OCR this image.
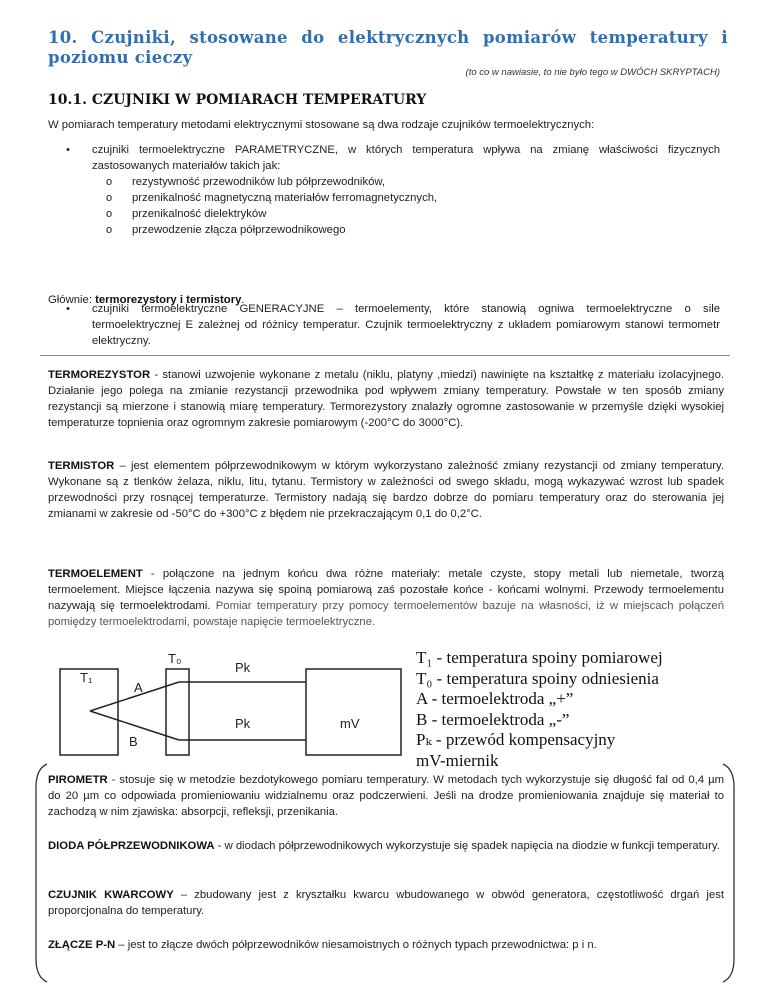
10. Czujniki, stosowane do elektrycznych pomiarów temperatury i poziomu cieczy
(to co w nawiasie, to nie było tego w DWÓCH SKRYPTACH)
10.1. CZUJNIKI W POMIARACH TEMPERATURY
W pomiarach temperatury metodami elektrycznymi stosowane są dwa rodzaje czujników termoelektrycznych:
• czujniki termoelektryczne PARAMETRYCZNE, w których temperatura wpływa na zmianę właściwości fizycznych zastosowanych materiałów takich jak:
o rezystywność przewodników lub półprzewodników,
o przenikalność magnetyczną materiałów ferromagnetycznych,
o przenikalność dielektryków
o przewodzenie złącza półprzewodnikowego
Głównie: termorezystory i termistory.
• czujniki termoelektryczne GENERACYJNE – termoelementy, które stanowią ogniwa termoelektryczne o sile termoelektrycznej E zależnej od różnicy temperatur. Czujnik termoelektryczny z układem pomiarowym stanowi termometr elektryczny.
TERMOREZYSTOR - stanowi uzwojenie wykonane z metalu (niklu, platyny ,miedzi) nawinięte na kształtkę z materiału izolacyjnego. Działanie jego polega na zmianie rezystancji przewodnika pod wpływem zmiany temperatury. Powstałe w ten sposób zmiany rezystancji są mierzone i stanowią miarę temperatury. Termorezystory znalazły ogromne zastosowanie w przemyśle dzięki wysokiej temperaturze topnienia oraz ogromnym zakresie pomiarowym (-200°C do 3000°C).
TERMISTOR – jest elementem półprzewodnikowym w którym wykorzystano zależność zmiany rezystancji od zmiany temperatury. Wykonane są z tlenków żelaza, niklu, litu, tytanu. Termistory w zależności od swego składu, mogą wykazywać wzrost lub spadek przewodności przy rosnącej temperaturze. Termistory nadają się bardzo dobrze do pomiaru temperatury oraz do sterowania jej zmianami w zakresie od -50°C do +300°C z błędem nie przekraczającym 0,1 do 0,2°C.
TERMOELEMENT - połączone na jednym końcu dwa różne materiały: metale czyste, stopy metali lub niemetale, tworzą termoelement. Miejsce łączenia nazywa się spoiną pomiarową zaś pozostałe końce - końcami wolnymi. Przewody termoelementu nazywają się termoelektrodami. Pomiar temperatury przy pomocy termoelementów bazuje na własności, iż w miejscach połączeń pomiędzy termoelektrodami, powstaje napięcie termoelektryczne.
T₁
T₀
A
B
Pk
Pk	mV
T₁ - temperatura spoiny pomiarowej
T₀ - temperatura spoiny odniesienia
A - termoelektroda „+”
B - termoelektroda „-”
Pₖ - przewód kompensacyjny
mV-miernik
PIROMETR - stosuje się w metodzie bezdotykowego pomiaru temperatury. W metodach tych wykorzystuje się długość fal od 0,4 µm do 20 µm co odpowiada promieniowaniu widzialnemu oraz podczerwieni. Jeśli na drodze promieniowania znajduje się materiał to zachodzą w nim zjawiska: absorpcji, refleksji, przenikania.
DIODA PÓŁPRZEWODNIKOWA - w diodach półprzewodnikowych wykorzystuje się spadek napięcia na diodzie w funkcji temperatury.
CZUJNIK KWARCOWY – zbudowany jest z kryształku kwarcu wbudowanego w obwód generatora, częstotliwość drgań jest proporcjonalna do temperatury.
ZŁĄCZE P-N – jest to złącze dwóch półprzewodników niesamoistnych o różnych typach przewodnictwa: p i n.
